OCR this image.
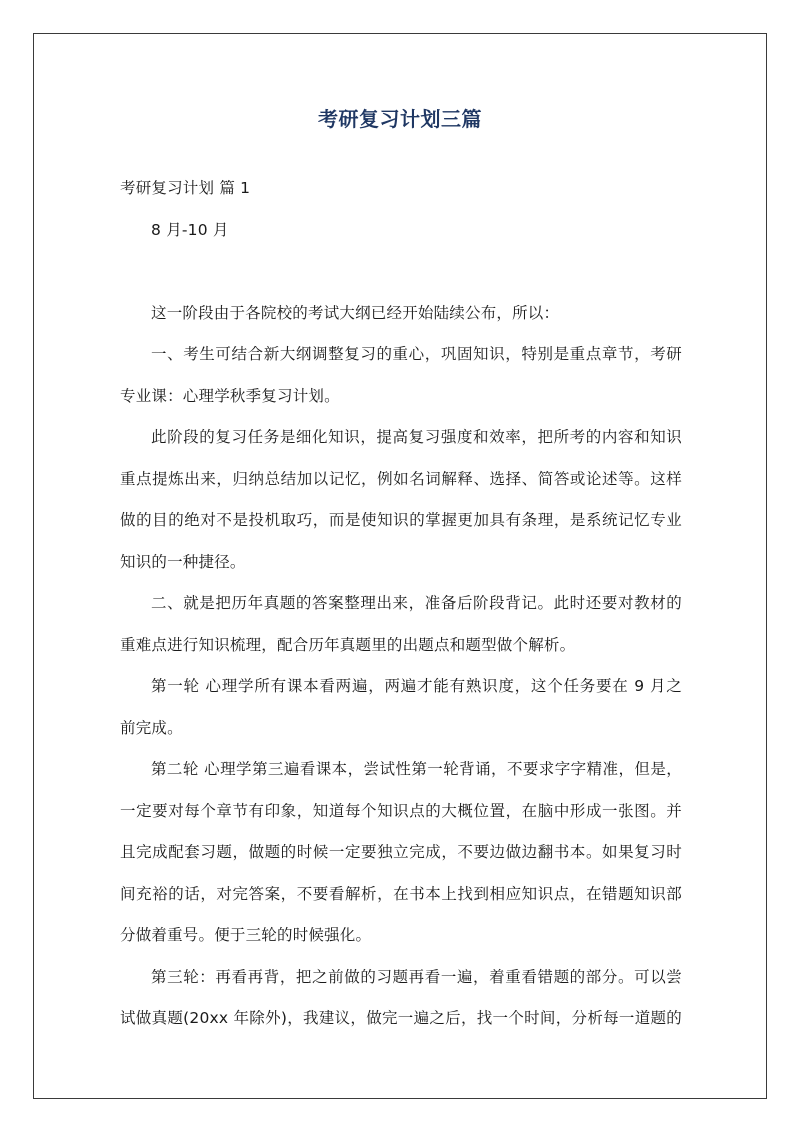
考研复习计划三篇
考研复习计划 篇 1
8 月-10 月
这一阶段由于各院校的考试大纲已经开始陆续公布，所以：
一、考生可结合新大纲调整复习的重心，巩固知识，特别是重点章节，考研
专业课：心理学秋季复习计划。
此阶段的复习任务是细化知识，提高复习强度和效率，把所考的内容和知识
重点提炼出来，归纳总结加以记忆，例如名词解释、选择、简答或论述等。这样
做的目的绝对不是投机取巧，而是使知识的掌握更加具有条理，是系统记忆专业
知识的一种捷径。
二、就是把历年真题的答案整理出来，准备后阶段背记。此时还要对教材的
重难点进行知识梳理，配合历年真题里的出题点和题型做个解析。
第一轮 心理学所有课本看两遍，两遍才能有熟识度，这个任务要在 9 月之
前完成。
第二轮 心理学第三遍看课本，尝试性第一轮背诵，不要求字字精准，但是，
一定要对每个章节有印象，知道每个知识点的大概位置，在脑中形成一张图。并
且完成配套习题，做题的时候一定要独立完成，不要边做边翻书本。如果复习时
间充裕的话，对完答案，不要看解析，在书本上找到相应知识点，在错题知识部
分做着重号。便于三轮的时候强化。
第三轮：再看再背，把之前做的习题再看一遍，着重看错题的部分。可以尝
试做真题(20xx 年除外)，我建议，做完一遍之后，找一个时间，分析每一道题的
